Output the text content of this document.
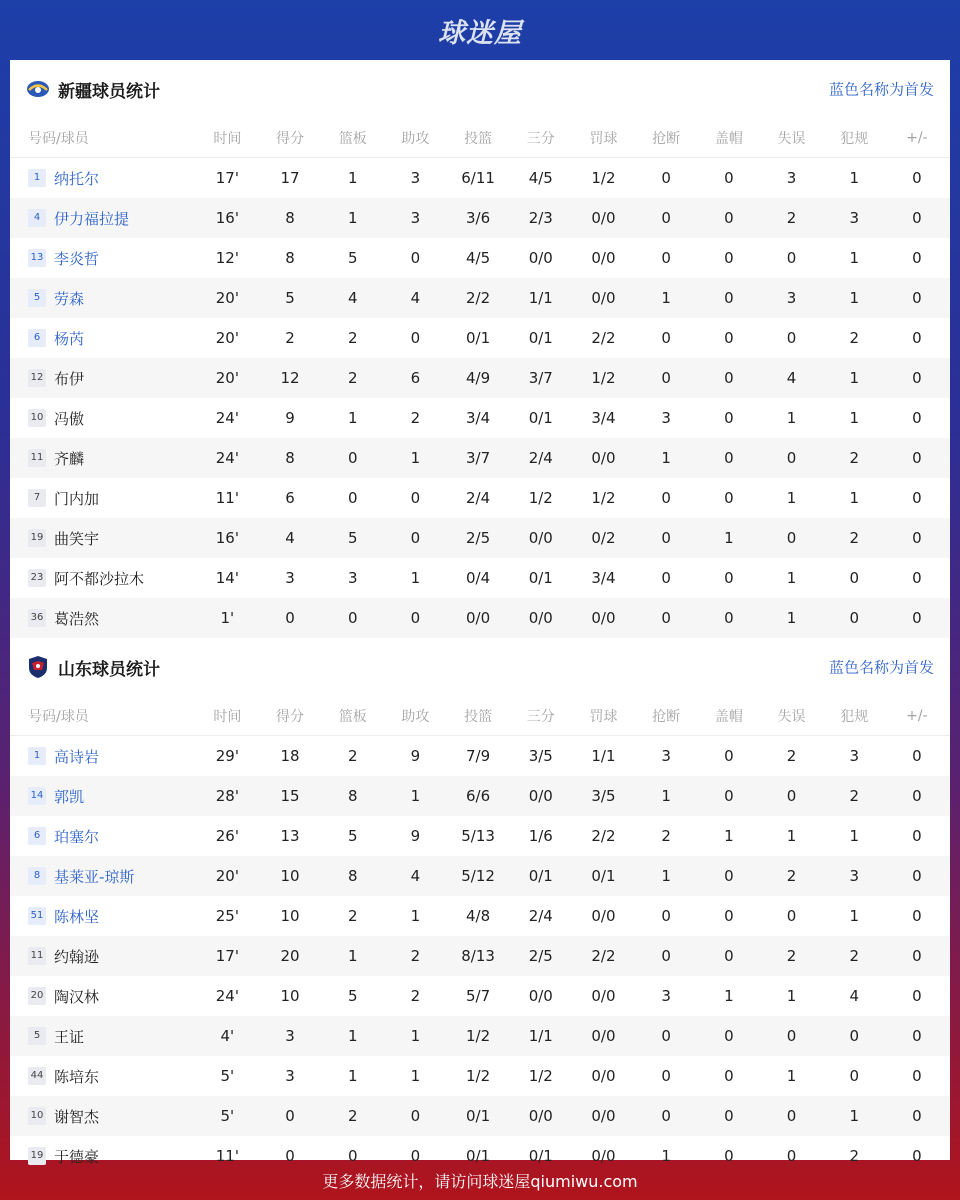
球迷屋
新疆球员统计	蓝色名称为首发
号码/球员	时间	得分	篮板	助攻	投篮	三分	罚球	抢断	盖帽	失误	犯规	+/-
1 纳托尔	17'	17	1	3	6/11	4/5	1/2	0	0	3	1	0
4 伊力福拉提	16'	8	1	3	3/6	2/3	0/0	0	0	2	3	0
13 李炎哲	12'	8	5	0	4/5	0/0	0/0	0	0	0	1	0
5 劳森	20'	5	4	4	2/2	1/1	0/0	1	0	3	1	0
6 杨芮	20'	2	2	0	0/1	0/1	2/2	0	0	0	2	0
12 布伊	20'	12	2	6	4/9	3/7	1/2	0	0	4	1	0
10 冯傲	24'	9	1	2	3/4	0/1	3/4	3	0	1	1	0
11 齐麟	24'	8	0	1	3/7	2/4	0/0	1	0	0	2	0
7 门内加	11'	6	0	0	2/4	1/2	1/2	0	0	1	1	0
19 曲笑宇	16'	4	5	0	2/5	0/0	0/2	0	1	0	2	0
23 阿不都沙拉木	14'	3	3	1	0/4	0/1	3/4	0	0	1	0	0
36 葛浩然	1'	0	0	0	0/0	0/0	0/0	0	0	1	0	0
山东球员统计	蓝色名称为首发
号码/球员	时间	得分	篮板	助攻	投篮	三分	罚球	抢断	盖帽	失误	犯规	+/-
1 高诗岩	29'	18	2	9	7/9	3/5	1/1	3	0	2	3	0
14 郭凯	28'	15	8	1	6/6	0/0	3/5	1	0	0	2	0
6 珀塞尔	26'	13	5	9	5/13	1/6	2/2	2	1	1	1	0
8 基莱亚-琼斯	20'	10	8	4	5/12	0/1	0/1	1	0	2	3	0
51 陈林坚	25'	10	2	1	4/8	2/4	0/0	0	0	0	1	0
11 约翰逊	17'	20	1	2	8/13	2/5	2/2	0	0	2	2	0
20 陶汉林	24'	10	5	2	5/7	0/0	0/0	3	1	1	4	0
5 王证	4'	3	1	1	1/2	1/1	0/0	0	0	0	0	0
44 陈培东	5'	3	1	1	1/2	1/2	0/0	0	0	1	0	0
10 谢智杰	5'	0	2	0	0/1	0/0	0/0	0	0	0	1	0
19 于德豪	11'	0	0	0	0/1	0/1	0/0	1	0	0	2	0
更多数据统计，请访问球迷屋qiumiwu.com
